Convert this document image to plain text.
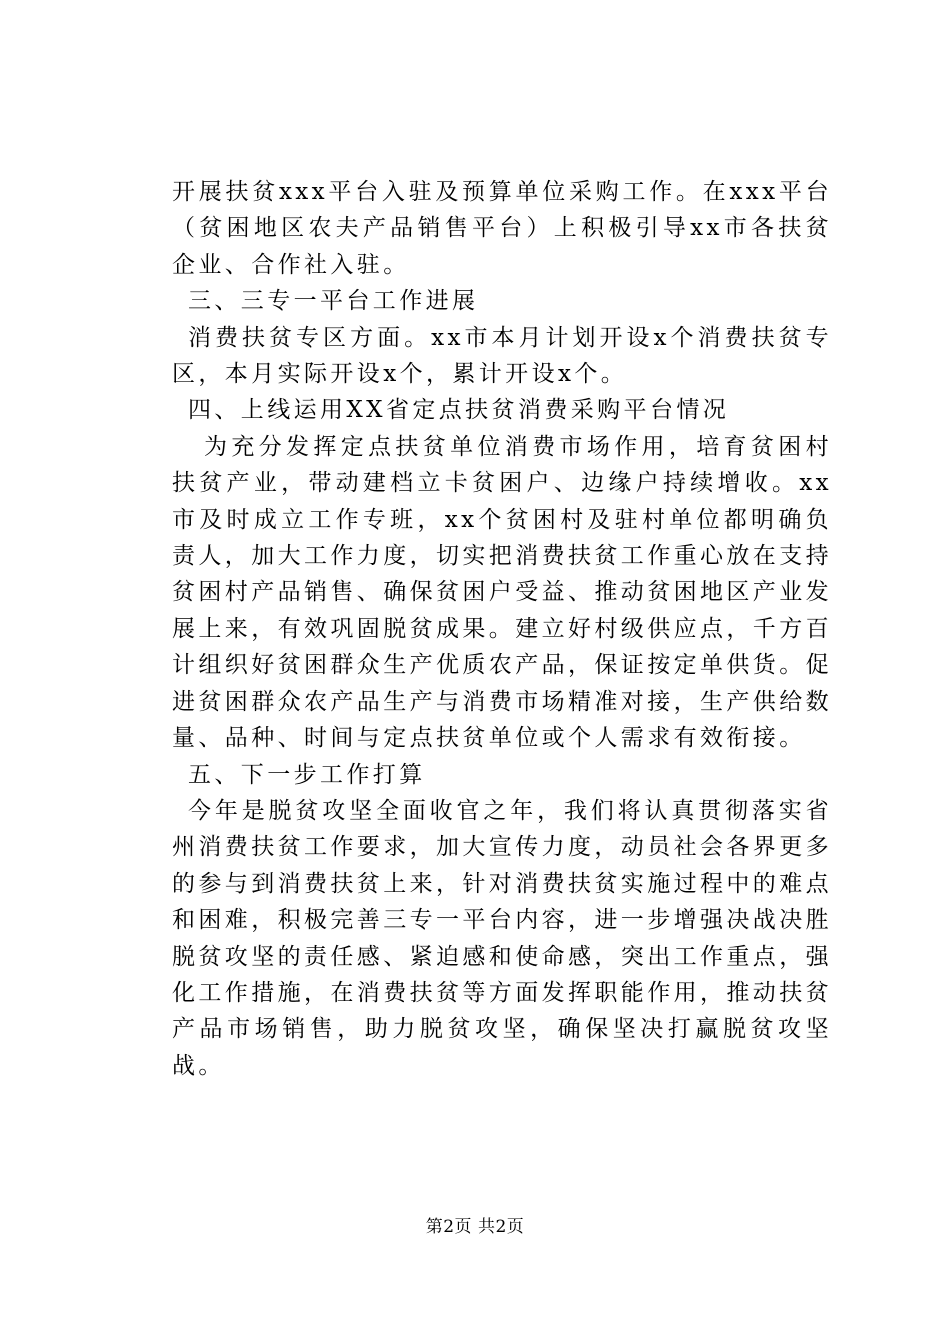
开展扶贫xxx平台入驻及预算单位采购工作。在xxx平台（贫困地区农夫产品销售平台）上积极引导xx市各扶贫企业、合作社入驻。

三、三专一平台工作进展

消费扶贫专区方面。xx市本月计划开设x个消费扶贫专区，本月实际开设x个，累计开设x个。

四、上线运用XX省定点扶贫消费采购平台情况

为充分发挥定点扶贫单位消费市场作用，培育贫困村扶贫产业，带动建档立卡贫困户、边缘户持续增收。xx市及时成立工作专班，xx个贫困村及驻村单位都明确负责人，加大工作力度，切实把消费扶贫工作重心放在支持贫困村产品销售、确保贫困户受益、推动贫困地区产业发展上来，有效巩固脱贫成果。建立好村级供应点，千方百计组织好贫困群众生产优质农产品，保证按定单供货。促进贫困群众农产品生产与消费市场精准对接，生产供给数量、品种、时间与定点扶贫单位或个人需求有效衔接。

五、下一步工作打算

今年是脱贫攻坚全面收官之年，我们将认真贯彻落实省州消费扶贫工作要求，加大宣传力度，动员社会各界更多的参与到消费扶贫上来，针对消费扶贫实施过程中的难点和困难，积极完善三专一平台内容，进一步增强决战决胜脱贫攻坚的责任感、紧迫感和使命感，突出工作重点，强化工作措施，在消费扶贫等方面发挥职能作用，推动扶贫产品市场销售，助力脱贫攻坚，确保坚决打赢脱贫攻坚战。

第2页 共2页
